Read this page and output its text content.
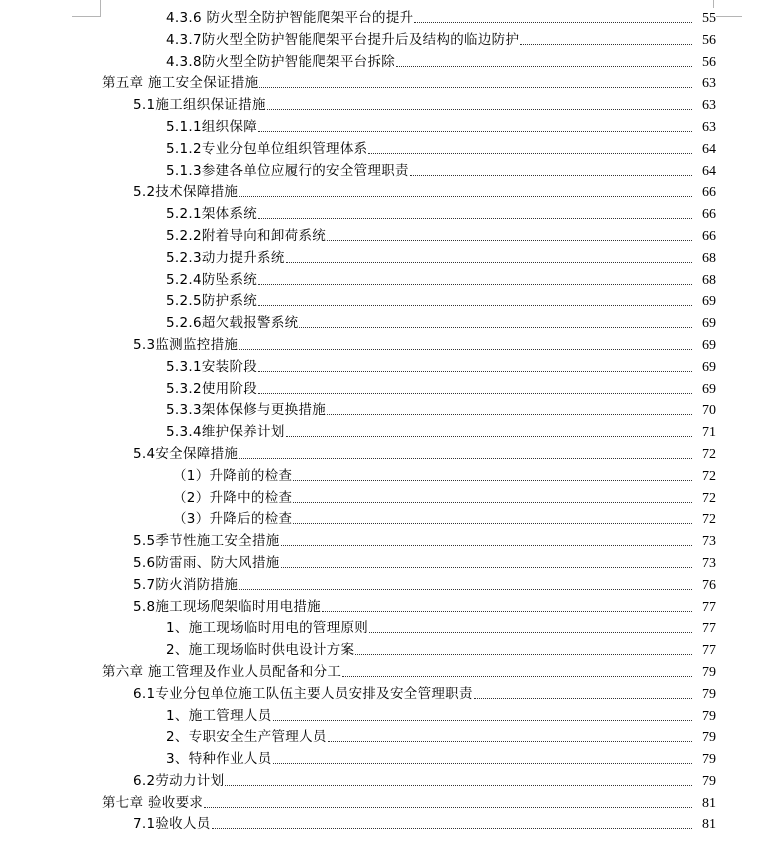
4.3.6 防火型全防护智能爬架平台的提升	55
4.3.7防火型全防护智能爬架平台提升后及结构的临边防护	56
4.3.8防火型全防护智能爬架平台拆除	56
第五章 施工安全保证措施	63
5.1施工组织保证措施	63
5.1.1组织保障	63
5.1.2专业分包单位组织管理体系	64
5.1.3参建各单位应履行的安全管理职责	64
5.2技术保障措施	66
5.2.1架体系统	66
5.2.2附着导向和卸荷系统	66
5.2.3动力提升系统	68
5.2.4防坠系统	68
5.2.5防护系统	69
5.2.6超欠载报警系统	69
5.3监测监控措施	69
5.3.1安装阶段	69
5.3.2使用阶段	69
5.3.3架体保修与更换措施	70
5.3.4维护保养计划	71
5.4安全保障措施	72
（1）升降前的检查	72
（2）升降中的检查	72
（3）升降后的检查	72
5.5季节性施工安全措施	73
5.6防雷雨、防大风措施	73
5.7防火消防措施	76
5.8施工现场爬架临时用电措施	77
1、施工现场临时用电的管理原则	77
2、施工现场临时供电设计方案	77
第六章 施工管理及作业人员配备和分工	79
6.1专业分包单位施工队伍主要人员安排及安全管理职责	79
1、施工管理人员	79
2、专职安全生产管理人员	79
3、特种作业人员	79
6.2劳动力计划	79
第七章 验收要求	81
7.1验收人员	81
